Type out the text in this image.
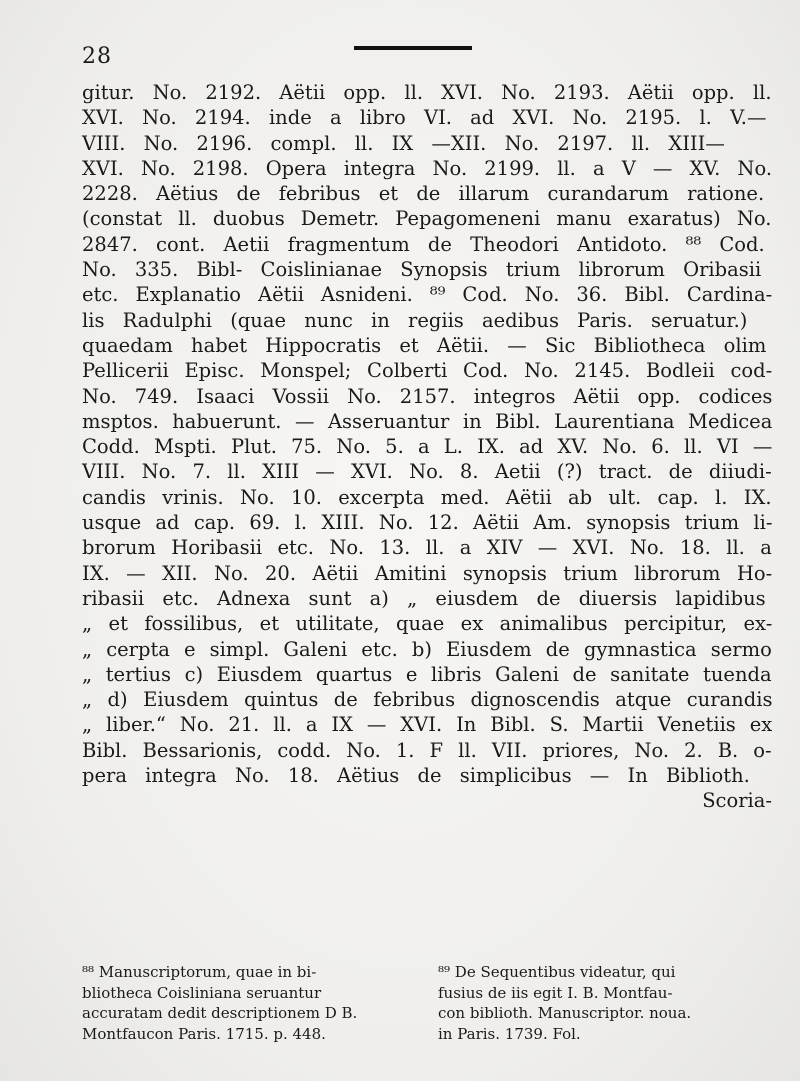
28
gitur. No. 2192. Aëtii opp. ll. XVI. No. 2193. Aëtii opp. ll.
XVI. No. 2194. inde a libro VI. ad XVI. No. 2195. l. V.—
VIII. No. 2196. compl. ll. IX —XII. No. 2197. ll. XIII—
XVI. No. 2198. Opera integra No. 2199. ll. a V — XV. No.
2228. Aëtius de febribus et de illarum curandarum ratione.
(constat ll. duobus Demetr. Pepagomeneni manu exaratus) No.
2847. cont. Aetii fragmentum de Theodori Antidoto. ⁸⁸ Cod.
No. 335. Bibl- Coislinianae Synopsis trium librorum Oribasii
etc. Explanatio Aëtii Asnideni. ⁸⁹ Cod. No. 36. Bibl. Cardina-
lis Radulphi (quae nunc in regiis aedibus Paris. seruatur.)
quaedam habet Hippocratis et Aëtii. — Sic Bibliotheca olim
Pellicerii Episc. Monspel; Colberti Cod. No. 2145. Bodleii cod-
No. 749. Isaaci Vossii No. 2157. integros Aëtii opp. codices
msptos. habuerunt. — Asseruantur in Bibl. Laurentiana Medicea
Codd. Mspti. Plut. 75. No. 5. a L. IX. ad XV. No. 6. ll. VI —
VIII. No. 7. ll. XIII — XVI. No. 8. Aetii (?) tract. de diiudi-
candis vrinis. No. 10. excerpta med. Aëtii ab ult. cap. l. IX.
usque ad cap. 69. l. XIII. No. 12. Aëtii Am. synopsis trium li-
brorum Horibasii etc. No. 13. ll. a XIV — XVI. No. 18. ll. a
IX. — XII. No. 20. Aëtii Amitini synopsis trium librorum Ho-
ribasii etc. Adnexa sunt a) „ eiusdem de diuersis lapidibus
„ et fossilibus, et utilitate, quae ex animalibus percipitur, ex-
„ cerpta e simpl. Galeni etc. b) Eiusdem de gymnastica sermo
„ tertius c) Eiusdem quartus e libris Galeni de sanitate tuenda
„ d) Eiusdem quintus de febribus dignoscendis atque curandis
„ liber.“ No. 21. ll. a IX — XVI. In Bibl. S. Martii Venetiis ex
Bibl. Bessarionis, codd. No. 1. F ll. VII. priores, No. 2. B. o-
pera integra No. 18. Aëtius de simplicibus — In Biblioth.
Scoria-
⁸⁸ Manuscriptorum, quae in bi-
bliotheca Coisliniana seruantur
accuratam dedit descriptionem D B.
Montfaucon Paris. 1715. p. 448.
⁸⁹ De Sequentibus videatur, qui
fusius de iis egit I. B. Montfau-
con biblioth. Manuscriptor. noua.
in Paris. 1739. Fol.
